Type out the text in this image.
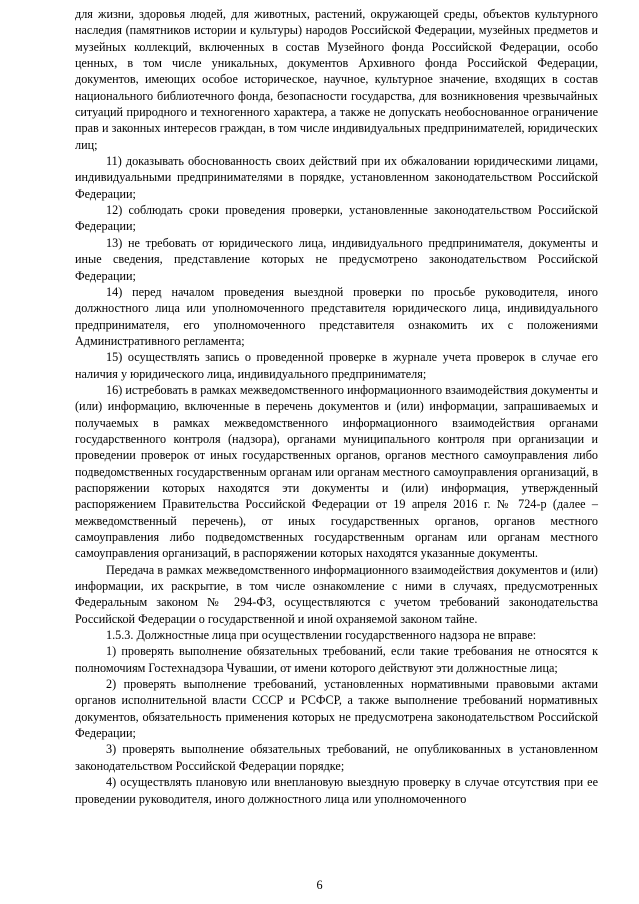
для жизни, здоровья людей, для животных, растений, окружающей среды, объектов культурного наследия (памятников истории и культуры) народов Российской Федерации, музейных предметов и музейных коллекций, включенных в состав Музейного фонда Российской Федерации, особо ценных, в том числе уникальных, документов Архивного фонда Российской Федерации, документов, имеющих особое историческое, научное, культурное значение, входящих в состав национального библиотечного фонда, безопасности государства, для возникновения чрезвычайных ситуаций природного и техногенного характера, а также не допускать необоснованное ограничение прав и законных интересов граждан, в том числе индивидуальных предпринимателей, юридических лиц;

11) доказывать обоснованность своих действий при их обжаловании юридическими лицами, индивидуальными предпринимателями в порядке, установленном законодательством Российской Федерации;

12) соблюдать сроки проведения проверки, установленные законодательством Российской Федерации;

13) не требовать от юридического лица, индивидуального предпринимателя, документы и иные сведения, представление которых не предусмотрено законодательством Российской Федерации;

14) перед началом проведения выездной проверки по просьбе руководителя, иного должностного лица или уполномоченного представителя юридического лица, индивидуального предпринимателя, его уполномоченного представителя ознакомить их с положениями Административного регламента;

15) осуществлять запись о проведенной проверке в журнале учета проверок в случае его наличия у юридического лица, индивидуального предпринимателя;

16) истребовать в рамках межведомственного информационного взаимодействия документы и (или) информацию, включенные в перечень документов и (или) информации, запрашиваемых и получаемых в рамках межведомственного информационного взаимодействия органами государственного контроля (надзора), органами муниципального контроля при организации и проведении проверок от иных государственных органов, органов местного самоуправления либо подведомственных государственным органам или органам местного самоуправления организаций, в распоряжении которых находятся эти документы и (или) информация, утвержденный распоряжением Правительства Российской Федерации от 19 апреля 2016 г. № 724-р (далее – межведомственный перечень), от иных государственных органов, органов местного самоуправления либо подведомственных государственным органам или органам местного самоуправления организаций, в распоряжении которых находятся указанные документы.

Передача в рамках межведомственного информационного взаимодействия документов и (или) информации, их раскрытие, в том числе ознакомление с ними в случаях, предусмотренных Федеральным законом № 294-ФЗ, осуществляются с учетом требований законодательства Российской Федерации о государственной и иной охраняемой законом тайне.

1.5.3. Должностные лица при осуществлении государственного надзора не вправе:

1) проверять выполнение обязательных требований, если такие требования не относятся к полномочиям Гостехнадзора Чувашии, от имени которого действуют эти должностные лица;

2) проверять выполнение требований, установленных нормативными правовыми актами органов исполнительной власти СССР и РСФСР, а также выполнение требований нормативных документов, обязательность применения которых не предусмотрена законодательством Российской Федерации;

3) проверять выполнение обязательных требований, не опубликованных в установленном законодательством Российской Федерации порядке;

4) осуществлять плановую или внеплановую выездную проверку в случае отсутствия при ее проведении руководителя, иного должностного лица или уполномоченного

6
